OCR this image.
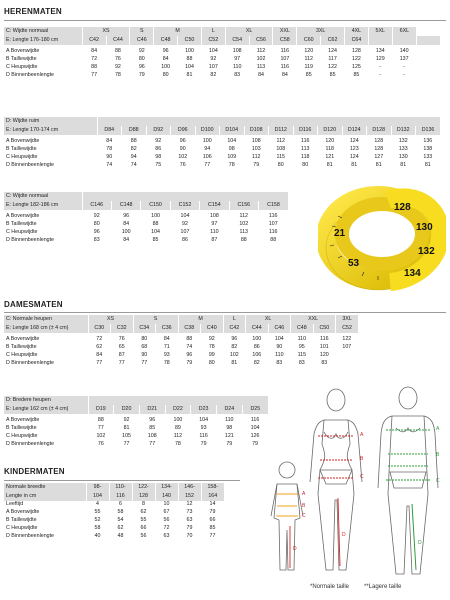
HERENMATEN
C: Wijdte normaal	XS		S	M		L	XL		XXL	3XL		4XL	5XL	6XL	
E: Lengte 176-180 cm	C42	C44	C46	C48	C50	C52	C54	C56	C58	C60	C62	C64			

A Bovenwijdte	84	88	92	96	100	104	108	112	116	120	124	128	134	140	
B Taillewijdte	72	76	80	84	88	92	97	102	107	112	117	122	129	137	
C Heupwijdte	88	92	96	100	104	107	110	113	116	119	122	125	-	-	
D Binnenbeenlengte	77	78	79	80	81	82	83	84	84	85	85	85	-	-	
D: Wijdte ruim														
E: Lengte 170-174 cm	D84	D88	D92	D96	D100	D104	D108	D112	D116	D120	D124	D128	D132	D136

A Bovenwijdte	84	88	92	96	100	104	108	112	116	120	124	128	132	136
B Taillewijdte	78	82	86	90	94	98	103	108	113	118	123	128	133	138
C Heupwijdte	90	94	98	102	106	109	112	115	118	121	124	127	130	133
D Binnenbeenlengte	74	74	75	76	77	78	79	80	80	81	81	81	81	81
C: Wijdte normaal							
E: Lengte 182-186 cm	C146	C148	C150	C152	C154	C156	C158

A Bovenwijdte	92	96	100	104	108	112	116
B Taillewijdte	80	84	88	92	97	102	107
C Heupwijdte	96	100	104	107	110	113	116
D Binnenbeenlengte	83	84	85	86	87	88	88
128
130
132
134
53
21
DAMESMATEN
C: Normale heupen	XS		S		M		L	XL		XXL		3XL
E: Lengte 168 cm (± 4 cm)	C30	C32	C34	C36	C38	C40	C42	C44	C46	C48	C50	C52

A Bovenwijdte	72	76	80	84	88	92	96	100	104	110	116	122
B Taillewijdte	62	65	68	71	74	78	82	86	90	95	101	107
C Heupwijdte	84	87	90	93	96	99	102	106	110	115	120	
D Binnenbeenlengte	77	77	77	78	79	80	81	82	83	83	83	
D: Bredere heupen							
E: Lengte 162 cm (± 4 cm)	D19	D20	D21	D22	D23	D24	D25

A Bovenwijdte	88	92	96	100	104	110	116
B Taillewijdte	77	81	85	89	93	98	104
C Heupwijdte	102	105	108	112	116	121	126
D Binnenbeenlengte	76	77	77	78	79	79	79
KINDERMATEN
Normale breedte	98-	110-	122-	134-	146-	158-
Lengte in cm	104	116	128	140	152	164
Leeftijd	4	6	8	10	12	14
A Bovenwijdte	55	58	62	67	73	79
B Taillewijdte	52	54	55	56	63	66
C Heupwijdte	58	62	66	72	79	85
D Binnenbeenlengte	40	48	56	63	70	77
A
B
C
D
A
B
C
D
A
B
C
D
*Normale taille **Lagere taille
